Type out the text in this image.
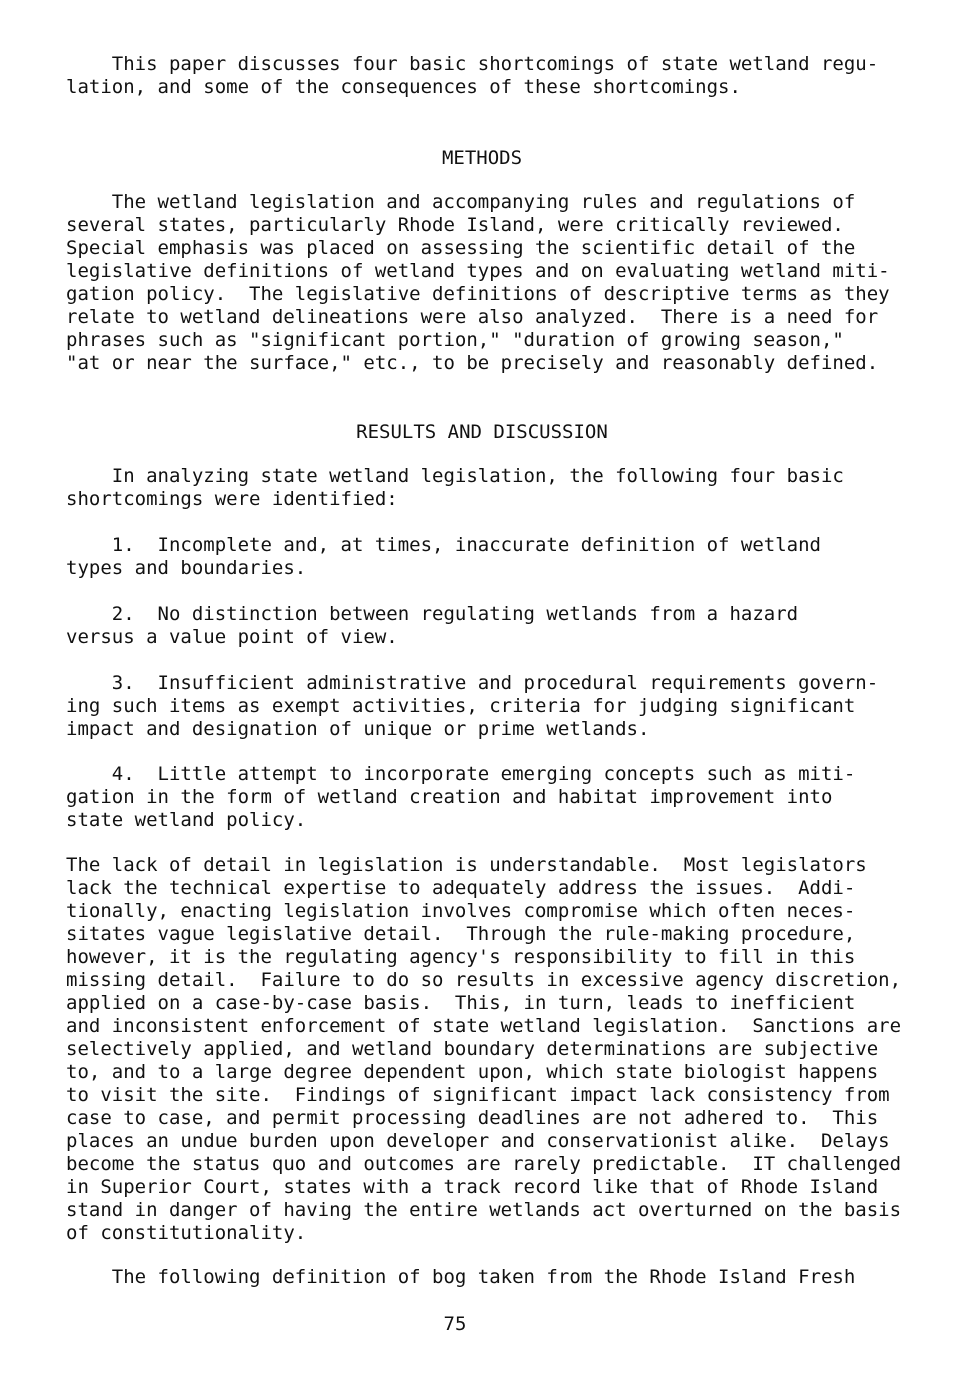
This paper discusses four basic shortcomings of state wetland regu-
lation, and some of the consequences of these shortcomings.

METHODS

The wetland legislation and accompanying rules and regulations of
several states, particularly Rhode Island, were critically reviewed.
Special emphasis was placed on assessing the scientific detail of the
legislative definitions of wetland types and on evaluating wetland miti-
gation policy.  The legislative definitions of descriptive terms as they
relate to wetland delineations were also analyzed.  There is a need for
phrases such as "significant portion," "duration of growing season,"
"at or near the surface," etc., to be precisely and reasonably defined.

RESULTS AND DISCUSSION

In analyzing state wetland legislation, the following four basic
shortcomings were identified:

1.  Incomplete and, at times, inaccurate definition of wetland
types and boundaries.

2.  No distinction between regulating wetlands from a hazard
versus a value point of view.

3.  Insufficient administrative and procedural requirements govern-
ing such items as exempt activities, criteria for judging significant
impact and designation of unique or prime wetlands.

4.  Little attempt to incorporate emerging concepts such as miti-
gation in the form of wetland creation and habitat improvement into
state wetland policy.

The lack of detail in legislation is understandable.  Most legislators
lack the technical expertise to adequately address the issues.  Addi-
tionally, enacting legislation involves compromise which often neces-
sitates vague legislative detail.  Through the rule-making procedure,
however, it is the regulating agency's responsibility to fill in this
missing detail.  Failure to do so results in excessive agency discretion,
applied on a case-by-case basis.  This, in turn, leads to inefficient
and inconsistent enforcement of state wetland legislation.  Sanctions are
selectively applied, and wetland boundary determinations are subjective
to, and to a large degree dependent upon, which state biologist happens
to visit the site.  Findings of significant impact lack consistency from
case to case, and permit processing deadlines are not adhered to.  This
places an undue burden upon developer and conservationist alike.  Delays
become the status quo and outcomes are rarely predictable.  IT challenged
in Superior Court, states with a track record like that of Rhode Island
stand in danger of having the entire wetlands act overturned on the basis
of constitutionality.

The following definition of bog taken from the Rhode Island Fresh

75
